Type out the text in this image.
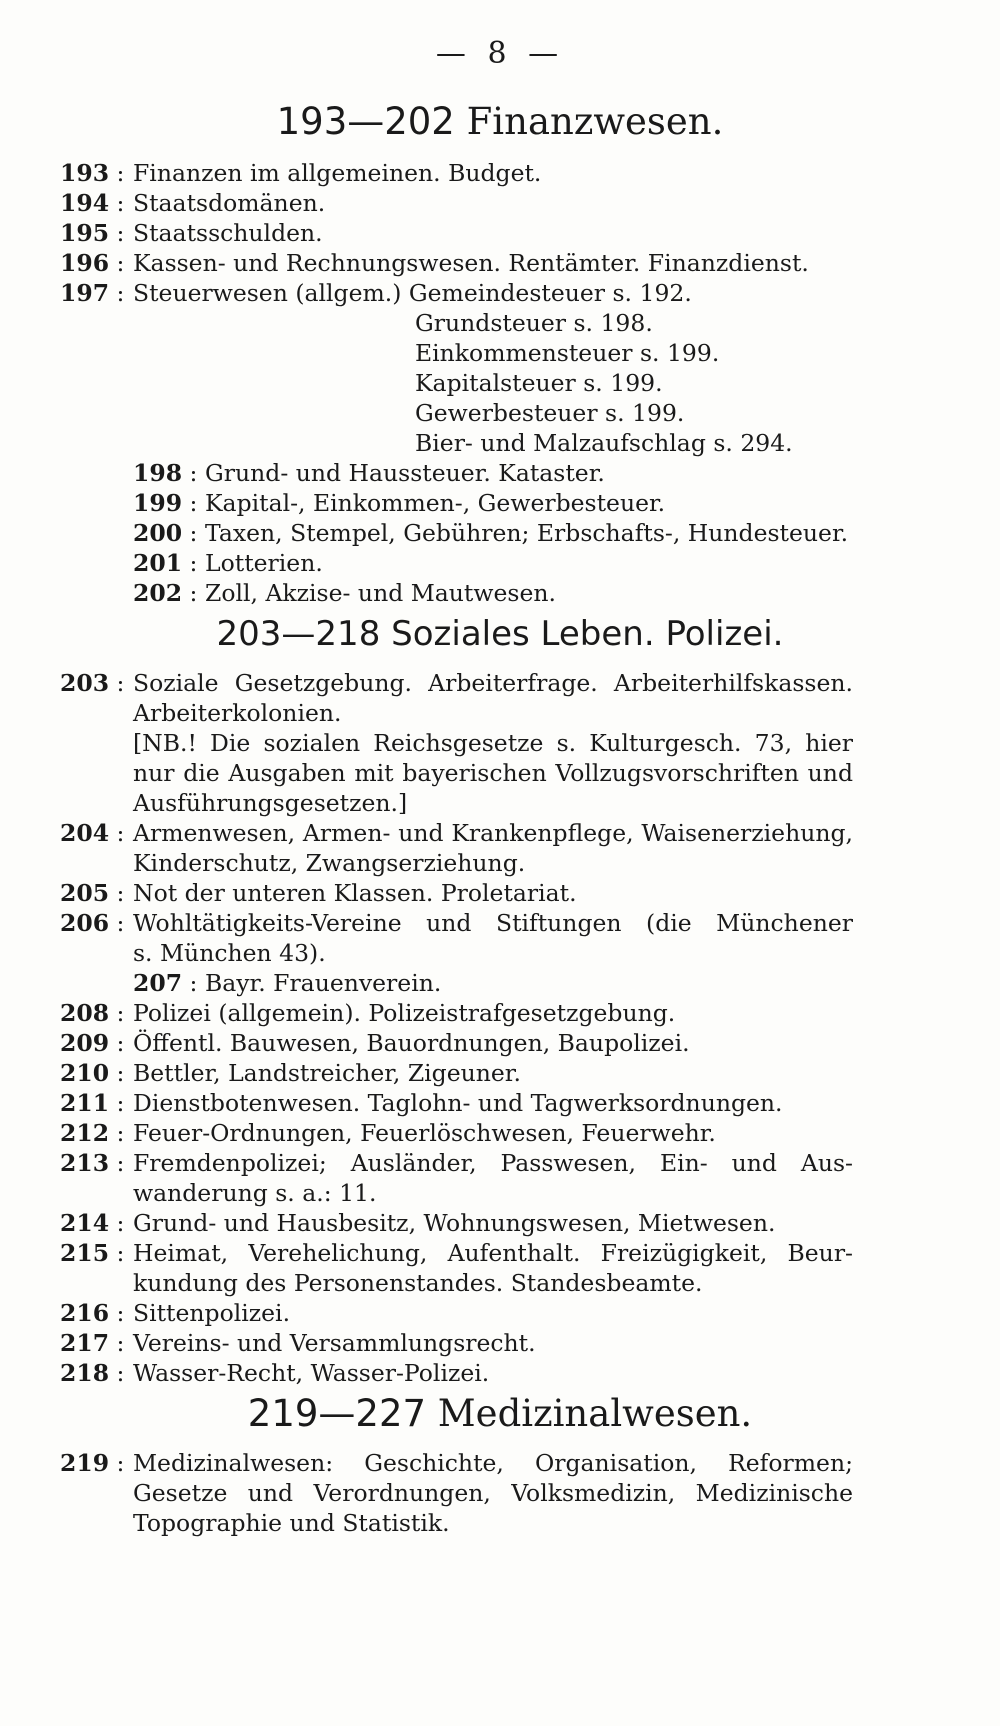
— 8 —
193—202 Finanzwesen.
193 :	Finanzen im allgemeinen. Budget.
194 :	Staatsdomänen.
195 :	Staatsschulden.
196 :	Kassen- und Rechnungswesen. Rentämter. Finanzdienst.
197 :	Steuerwesen (allgem.) Gemeindesteuer s. 192.
Grundsteuer s. 198.
Einkommensteuer s. 199.
Kapitalsteuer s. 199.
Gewerbesteuer s. 199.
Bier- und Malzaufschlag s. 294.
198 : Grund- und Haussteuer. Kataster.
199 : Kapital-, Einkommen-, Gewerbesteuer.
200 : Taxen, Stempel, Gebühren; Erbschafts-, Hundesteuer.
201 : Lotterien.
202 : Zoll, Akzise- und Mautwesen.
203—218 Soziales Leben. Polizei.
203 :	Soziale Gesetzgebung. Arbeiterfrage. Arbeiterhilfskassen.
Arbeiterkolonien.
[NB.! Die sozialen Reichsgesetze s. Kulturgesch. 73, hier
nur die Ausgaben mit bayerischen Vollzugsvorschriften und
Ausführungsgesetzen.]
204 :	Armenwesen, Armen- und Krankenpflege, Waisenerziehung,
Kinderschutz, Zwangserziehung.
205 :	Not der unteren Klassen. Proletariat.
206 :	Wohltätigkeits-Vereine und Stiftungen (die Münchener
s. München 43).
207 : Bayr. Frauenverein.
208 :	Polizei (allgemein). Polizeistrafgesetzgebung.
209 :	Öffentl. Bauwesen, Bauordnungen, Baupolizei.
210 :	Bettler, Landstreicher, Zigeuner.
211 :	Dienstbotenwesen. Taglohn- und Tagwerksordnungen.
212 :	Feuer-Ordnungen, Feuerlöschwesen, Feuerwehr.
213 :	Fremdenpolizei; Ausländer, Passwesen, Ein- und Aus-
wanderung s. a.: 11.
214 :	Grund- und Hausbesitz, Wohnungswesen, Mietwesen.
215 :	Heimat, Verehelichung, Aufenthalt. Freizügigkeit, Beur-
kundung des Personenstandes. Standesbeamte.
216 :	Sittenpolizei.
217 :	Vereins- und Versammlungsrecht.
218 :	Wasser-Recht, Wasser-Polizei.
219—227 Medizinalwesen.
219 :	Medizinalwesen: Geschichte, Organisation, Reformen;
Gesetze und Verordnungen, Volksmedizin, Medizinische
Topographie und Statistik.
